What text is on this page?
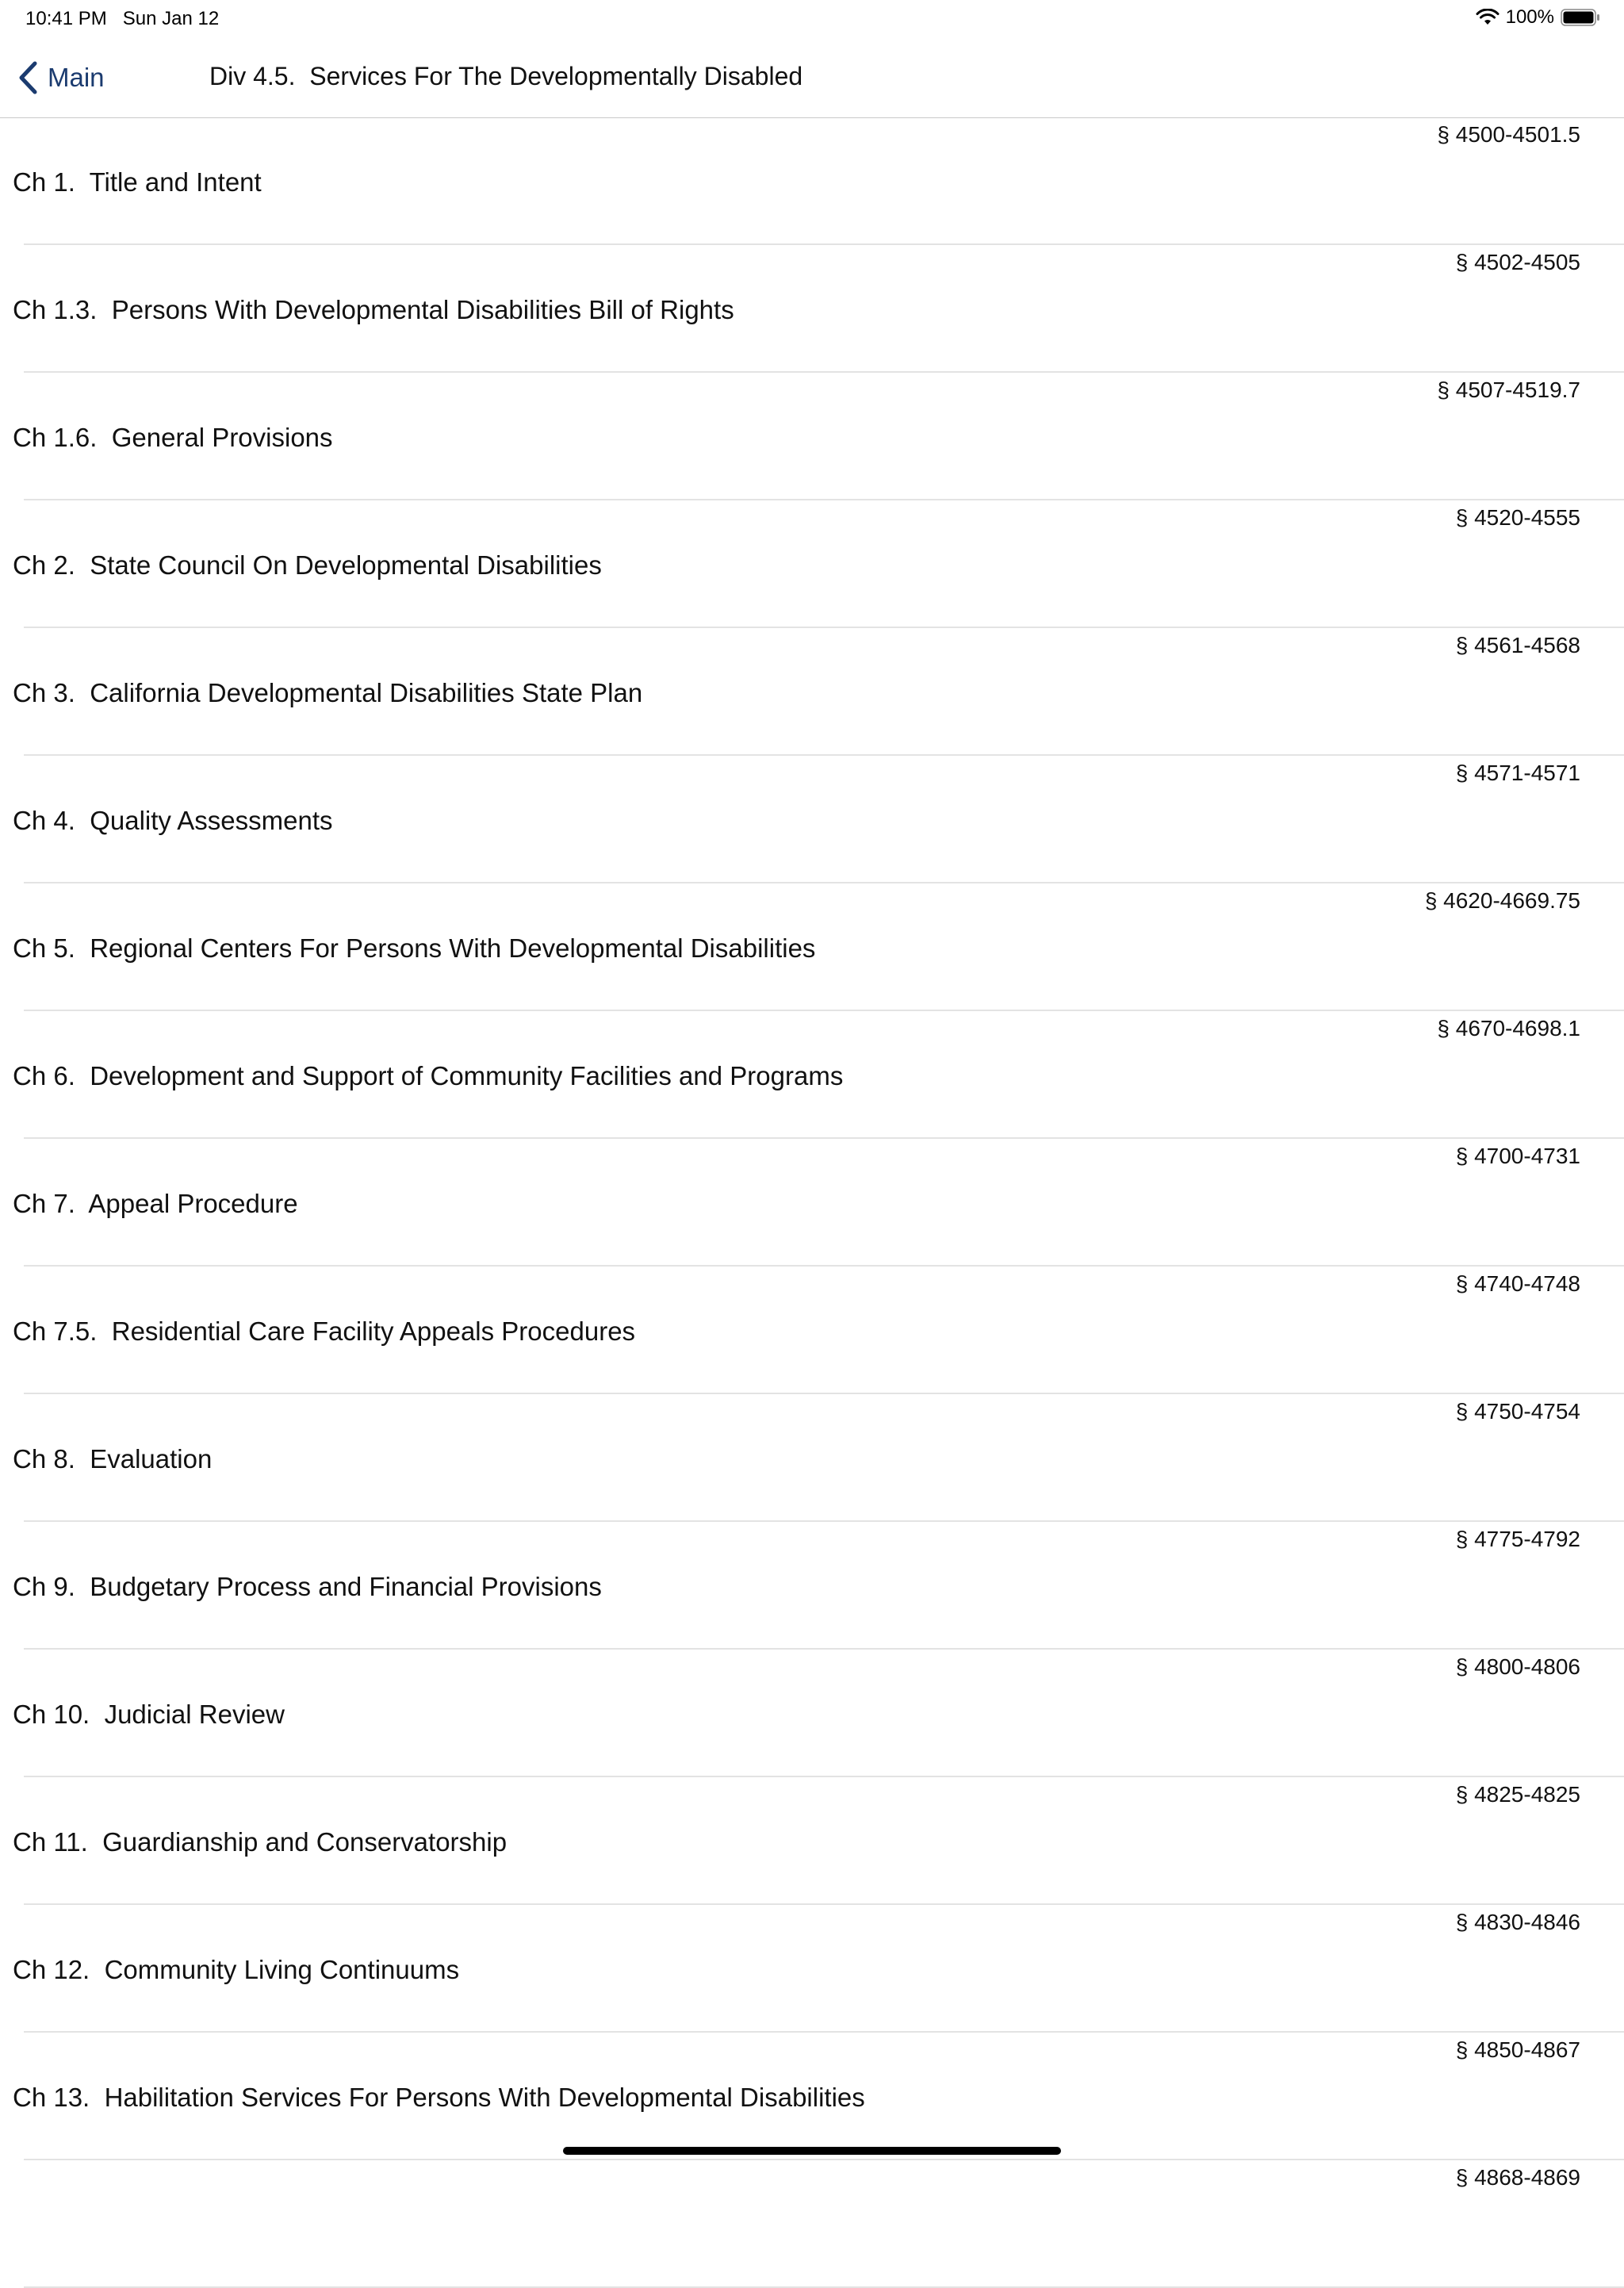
10:41 PM   Sun Jan 12	100%
Main	Div 4.5.  Services For The Developmentally Disabled
§ 4500-4501.5
Ch 1.  Title and Intent
§ 4502-4505
Ch 1.3.  Persons With Developmental Disabilities Bill of Rights
§ 4507-4519.7
Ch 1.6.  General Provisions
§ 4520-4555
Ch 2.  State Council On Developmental Disabilities
§ 4561-4568
Ch 3.  California Developmental Disabilities State Plan
§ 4571-4571
Ch 4.  Quality Assessments
§ 4620-4669.75
Ch 5.  Regional Centers For Persons With Developmental Disabilities
§ 4670-4698.1
Ch 6.  Development and Support of Community Facilities and Programs
§ 4700-4731
Ch 7.  Appeal Procedure
§ 4740-4748
Ch 7.5.  Residential Care Facility Appeals Procedures
§ 4750-4754
Ch 8.  Evaluation
§ 4775-4792
Ch 9.  Budgetary Process and Financial Provisions
§ 4800-4806
Ch 10.  Judicial Review
§ 4825-4825
Ch 11.  Guardianship and Conservatorship
§ 4830-4846
Ch 12.  Community Living Continuums
§ 4850-4867
Ch 13.  Habilitation Services For Persons With Developmental Disabilities
§ 4868-4869
